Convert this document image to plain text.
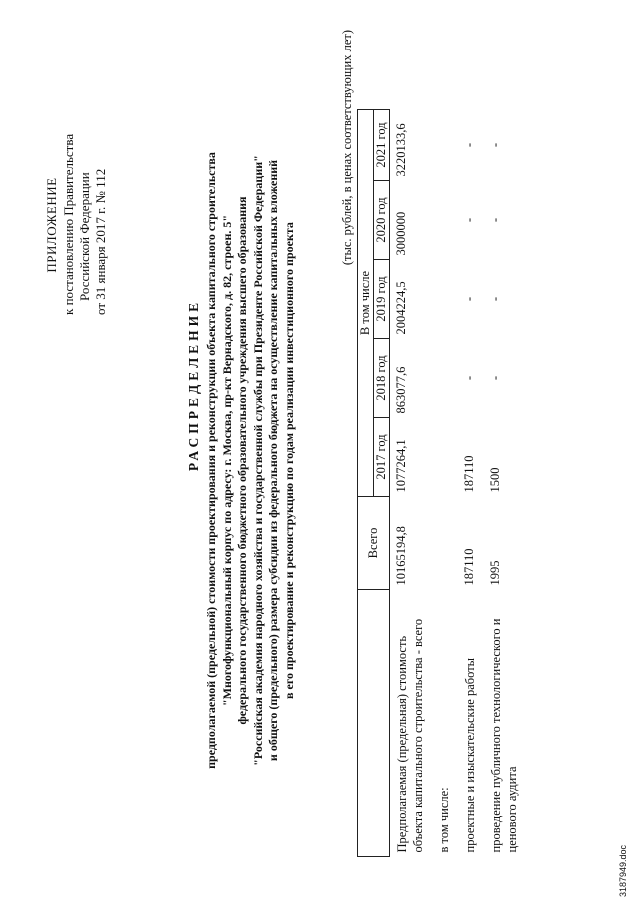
ПРИЛОЖЕНИЕ к постановлению Правительства Российской Федерации от 31 января 2017 г. № 112
РАСПРЕДЕЛЕНИЕ предполагаемой (предельной) стоимости проектирования и реконструкции объекта капитального строительства "Многофункциональный корпус по адресу: г. Москва, пр-кт Вернадского, д. 82, строен. 5" федерального государственного бюджетного образовательного учреждения высшего образования "Российская академия народного хозяйства и государственной службы при Президенте Российской Федерации" и общего (предельного) размера субсидии из федерального бюджета на осуществление капитальных вложений в его проектирование и реконструкцию по годам реализации инвестиционного проекта
(тыс. рублей, в ценах соответствующих лет)
	Всего	В том числе				
		2017 год	2018 год	2019 год	2020 год	2021 год
Предполагаемая (предельная) стоимость объекта капитального строительства - всего	10165194,8	1077264,1	863077,6	2004224,5	3000000	3220133,6
в том числе:						
проектные и изыскательские работы	187110	187110	-	-	-	-
проведение публичного технологического и ценового аудита	1995	1500	-	-	-	-
3187949.doc
